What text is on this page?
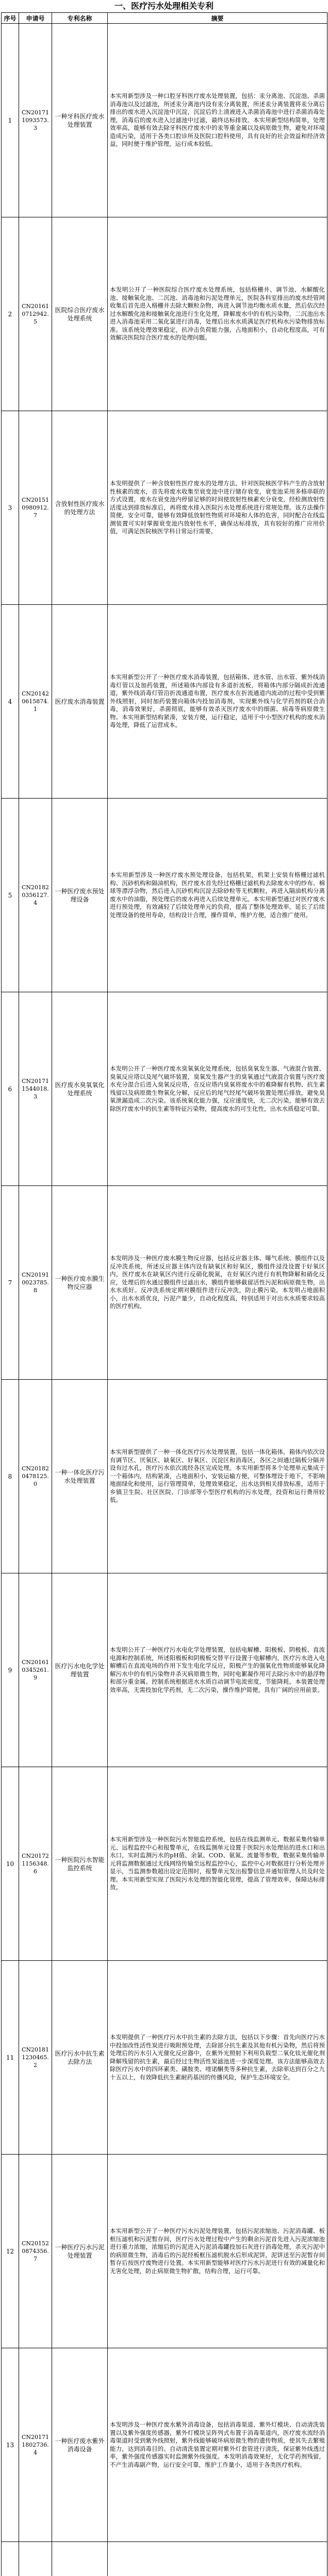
一、医疗污水处理相关专利
序号	申请号	专利名称	摘要

1	CN201711093573.3	一种牙科医疗废水处理装置	本实用新型涉及一种口腔牙科医疗废水处理装置，包括：汞分离池、沉淀池、杀菌消毒池以及过滤池，所述汞分离池内设有汞分离装置，所述汞分离装置将汞分离后排出的废水进入沉淀池中沉淀，沉淀后的上清液进入杀菌消毒池中进行杀菌消毒处理，消毒后的废水进入过滤池中过滤，最终达标排放。本实用新型结构简单，处理效率高，能够有效去除牙科医疗废水中的汞等重金属以及病原微生物，避免对环境造成污染，适用于各类口腔诊所及医院口腔科使用，具有良好的社会效益和经济效益，同时便于维护管理，运行成本较低。

2	CN201610712942.5	医院综合医疗废水处理系统	本发明公开了一种医院综合医疗废水处理系统，包括格栅井、调节池、水解酸化池、接触氧化池、二沉池、消毒池和污泥处理单元，医院各科室排出的废水经管网收集后首先进入格栅井去除大颗粒杂物，再进入调节池均衡水质水量，然后依次经过水解酸化池和接触氧化池进行生化处理，降解废水中的有机污染物，二沉池出水进入消毒池采用二氧化氯进行消毒，处理后出水水质满足医疗机构水污染物排放标准。该系统处理效果稳定，抗冲击负荷能力强，占地面积小，自动化程度高，可有效解决医院综合医疗废水的处理问题。

3	CN201510980912.7	含放射性医疗废水的处理方法	本发明提供了一种含放射性医疗废水的处理方法，针对医院核医学科产生的含放射性核素的废水，首先将废水收集至衰变池中进行储存衰变，衰变池采用多格串联的方式设置，废水在衰变池内停留足够的时间使放射性核素充分衰变，经检测放射性活度达到排放标准后，再将废水排入医院污水处理系统进行常规处理。该方法操作简便，安全可靠，能够有效降低放射性物质对环境和人体的危害，同时配合在线监测装置可实时掌握衰变池内放射性水平，确保达标排放，具有较好的推广应用价值，可满足医院核医学科日常运行需要。

4	CN201420615874.1	医疗废水消毒装置	本实用新型公开了一种医疗废水消毒装置，包括箱体、进水管、出水管、紫外线消毒灯管以及加药装置，所述箱体内部设有多道折流板，将箱体内部分隔成折流通道，紫外线消毒灯管沿折流通道布置，医疗废水在折流通道内流动的过程中受到紫外线照射，同时加药装置向箱体内投加消毒剂，实现紫外线与化学药剂的联合消毒，消毒效果好，杀菌彻底，能够有效杀灭医疗废水中的细菌、病毒等病原微生物。本实用新型结构紧凑，安装方便，运行稳定，适用于中小型医疗机构的废水消毒处理，降低了运营成本。

5	CN201820356127.4	一种医疗废水预处理设备	本实用新型涉及一种医疗废水预处理设备，包括机架，机架上安装有格栅过滤机构、沉砂机构和隔油机构，医疗废水首先经过格栅过滤机构去除废水中的纱布、棉球等漂浮杂物，然后进入沉砂机构沉淀去除砂粒等无机颗粒，再进入隔油机构分离废水中的油脂，预处理后的废水再进入后续处理单元。本实用新型通过对医疗废水进行预处理，有效减轻了后续处理单元的负荷，提高了整体处理效率，延长了后续处理设备的使用寿命，结构设计合理，操作简单，维护方便，适合推广使用。

6	CN201711544018.3	医疗废水臭氧氧化处理系统	本发明公开了一种医疗废水臭氧氧化处理系统，包括臭氧发生器、气液混合装置、臭氧反应塔以及尾气破坏装置，臭氧发生器产生的臭氧通过气液混合装置与医疗废水充分混合后进入臭氧反应塔，在反应塔内臭氧将废水中的难降解有机物、抗生素残留以及病原微生物氧化分解，反应后的尾气经尾气破坏装置处理后排放，避免臭氧泄漏造成二次污染。该系统氧化能力强，反应速度快，无二次污染，能够有效去除医疗废水中的抗生素等特征污染物，提高废水的可生化性，出水水质稳定可靠。

7	CN201910023785.8	一种医疗废水膜生物反应器	本发明涉及一种医疗废水膜生物反应器，包括反应器主体、曝气系统、膜组件以及反冲洗系统，所述反应器主体内设有缺氧区和好氧区，膜组件浸没设置于好氧区内，医疗废水在缺氧区内进行反硝化脱氮，在好氧区内进行有机物降解和硝化反应，处理后的水通过膜组件过滤出水，膜组件能够截留活性污泥和病原微生物，出水水质好。反冲洗系统定期对膜组件进行反冲洗，防止膜污染。本发明占地面积小，出水水质优良，污泥产量少，自动化程度高，特别适用于对出水水质要求较高的医疗机构。

8	CN201820478125.0	一种一体化医疗污水处理装置	本实用新型提供了一种一体化医疗污水处理装置，包括一体化箱体，箱体内依次设有调节区、厌氧区、缺氧区、好氧区、沉淀区和消毒区，各区之间通过隔板分隔并设有过水孔，医疗污水依次流经各区完成处理。本实用新型将多个处理单元集成于一个箱体内，结构紧凑，占地面积小，安装运输方便，可整体埋设于地下，不影响地面绿化和使用，运行管理简单，处理效果稳定，出水达到相关排放标准，适用于乡镇卫生院、社区医院、门诊部等小型医疗机构的污水处理，投资和运行费用较低。

9	CN201610345261.9	医疗污水电化学处理装置	本发明公开了一种医疗污水电化学处理装置，包括电解槽、阳极板、阴极板、直流电源和控制系统，所述阳极板和阴极板交替平行设置于电解槽内，医疗污水进入电解槽后在直流电场的作用下发生电化学反应，阳极产生的强氧化性物质能够氧化降解污水中的有机污染物并杀灭病原微生物，同时电絮凝作用可去除污水中的悬浮物和部分重金属。控制系统根据进水水质自动调节电流密度，节能降耗。本装置处理效率高，无需投加化学药剂，无二次污染，操作维护简便，具有广阔的应用前景。

10	CN201721156348.6	一种医院污水智能监控系统	本实用新型涉及一种医院污水智能监控系统，包括在线监测单元、数据采集传输单元、远程监控中心和报警单元，在线监测单元设置于医院污水处理站的进水口和出水口，实时监测污水的pH值、余氯、COD、氨氮、流量等参数，数据采集传输单元将监测数据通过无线网络传输至远程监控中心，监控中心对数据进行分析处理并显示，当监测参数超出设定范围时，报警单元发出报警信息并通知管理人员及时处理。本实用新型实现了医院污水处理的智能化管理，提高了管理效率，保障达标排放。

11	CN201811230465.2	医疗污水中抗生素去除方法	本发明提供了一种医疗污水中抗生素的去除方法，包括以下步骤：首先向医疗污水中投加改性活性炭进行吸附预处理，去除部分抗生素及其他有机污染物，然后将预处理后的污水引入光催化反应器中，在紫外光照射下利用负载型二氧化钛光催化剂降解残留的抗生素，最后经过生物活性炭滤池进一步深度处理。该方法能够高效去除医疗污水中的四环素类、磺胺类、喹诺酮类等多种抗生素，去除率达到百分之九十五以上，有效降低抗生素耐药基因的传播风险，保护生态环境安全。

12	CN201520874356.7	一种医疗污水污泥处理装置	本实用新型公开了一种医疗污水污泥处理装置，包括污泥浓缩池、污泥消毒罐、板框压滤机和污泥暂存间，医疗污水处理过程中产生的剩余污泥首先进入污泥浓缩池进行重力浓缩，浓缩后的污泥进入污泥消毒罐投加石灰进行消毒处理，杀灭污泥中的病原微生物，消毒后的污泥经板框压滤机脱水后形成泥饼，泥饼送至污泥暂存间暂存后按医疗废物进行处置。本实用新型能够对医疗污水污泥进行有效的减量化和无害化处理，防止病原微生物扩散，结构合理，运行可靠。

13	CN201711802736.4	一种医疗废水紫外消毒设备	本发明涉及一种医疗废水紫外消毒设备，包括消毒渠道、紫外灯模块、自动清洗装置以及紫外强度传感器，紫外灯模块呈阵列式布置于消毒渠道内，医疗废水流经消毒渠道时受到紫外线照射，紫外线能够破坏病原微生物的遗传物质，使其失去繁殖能力，达到消毒目的。自动清洗装置定期对紫外灯套管进行清洗，保证紫外线透过率，紫外强度传感器实时监测紫外线强度。本发明消毒效果好，无化学药剂残留，不产生消毒副产物，运行安全可靠，维护工作量小，适用于各类医疗机构。
